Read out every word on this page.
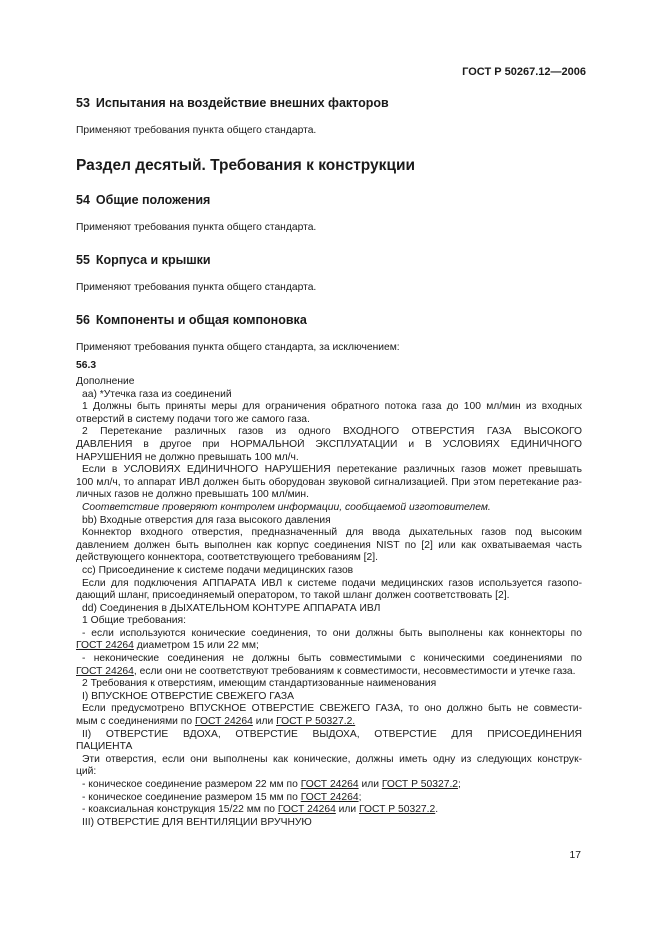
ГОСТ Р 50267.12—2006
53 Испытания на воздействие внешних факторов
Применяют требования пункта общего стандарта.
Раздел десятый. Требования к конструкции
54 Общие положения
Применяют требования пункта общего стандарта.
55 Корпуса и крышки
Применяют требования пункта общего стандарта.
56 Компоненты и общая компоновка
Применяют требования пункта общего стандарта, за исключением:
56.3
Дополнение
аа) *Утечка газа из соединений
1 Должны быть приняты меры для ограничения обратного потока газа до 100 мл/мин из входных
отверстий в систему подачи того же самого газа.
2 Перетекание различных газов из одного ВХОДНОГО ОТВЕРСТИЯ ГАЗА ВЫСОКОГО
ДАВЛЕНИЯ в другое при НОРМАЛЬНОЙ ЭКСПЛУАТАЦИИ и В УСЛОВИЯХ ЕДИНИЧНОГО
НАРУШЕНИЯ не должно превышать 100 мл/ч.
Если в УСЛОВИЯХ ЕДИНИЧНОГО НАРУШЕНИЯ перетекание различных газов может превышать
100 мл/ч, то аппарат ИВЛ должен быть оборудован звуковой сигнализацией. При этом перетекание раз-
личных газов не должно превышать 100 мл/мин.
Соответствие проверяют контролем информации, сообщаемой изготовителем.
bb) Входные отверстия для газа высокого давления
Коннектор входного отверстия, предназначенный для ввода дыхательных газов под высоким
давлением должен быть выполнен как корпус соединения NIST по [2] или как охватываемая часть
действующего коннектора, соответствующего требованиям [2].
сс) Присоединение к системе подачи медицинских газов
Если для подключения АППАРАТА ИВЛ к системе подачи медицинских газов используется газопо-
дающий шланг, присоединяемый оператором, то такой шланг должен соответствовать [2].
dd) Соединения в ДЫХАТЕЛЬНОМ КОНТУРЕ АППАРАТА ИВЛ
1 Общие требования:
- если используются конические соединения, то они должны быть выполнены как коннекторы по
ГОСТ 24264 диаметром 15 или 22 мм;
- неконические соединения не должны быть совместимыми с коническими соединениями по
ГОСТ 24264, если они не соответствуют требованиям к совместимости, несовместимости и утечке газа.
2 Требования к отверстиям, имеющим стандартизованные наименования
I) ВПУСКНОЕ ОТВЕРСТИЕ СВЕЖЕГО ГАЗА
Если предусмотрено ВПУСКНОЕ ОТВЕРСТИЕ СВЕЖЕГО ГАЗА, то оно должно быть не совмести-
мым с соединениями по ГОСТ 24264 или ГОСТ Р 50327.2.
II) ОТВЕРСТИЕ ВДОХА, ОТВЕРСТИЕ ВЫДОХА, ОТВЕРСТИЕ ДЛЯ ПРИСОЕДИНЕНИЯ
ПАЦИЕНТА
Эти отверстия, если они выполнены как конические, должны иметь одну из следующих конструк-
ций:
- коническое соединение размером 22 мм по ГОСТ 24264 или ГОСТ Р 50327.2;
- коническое соединение размером 15 мм по ГОСТ 24264;
- коаксиальная конструкция 15/22 мм по ГОСТ 24264 или ГОСТ Р 50327.2.
III) ОТВЕРСТИЕ ДЛЯ ВЕНТИЛЯЦИИ ВРУЧНУЮ
17
